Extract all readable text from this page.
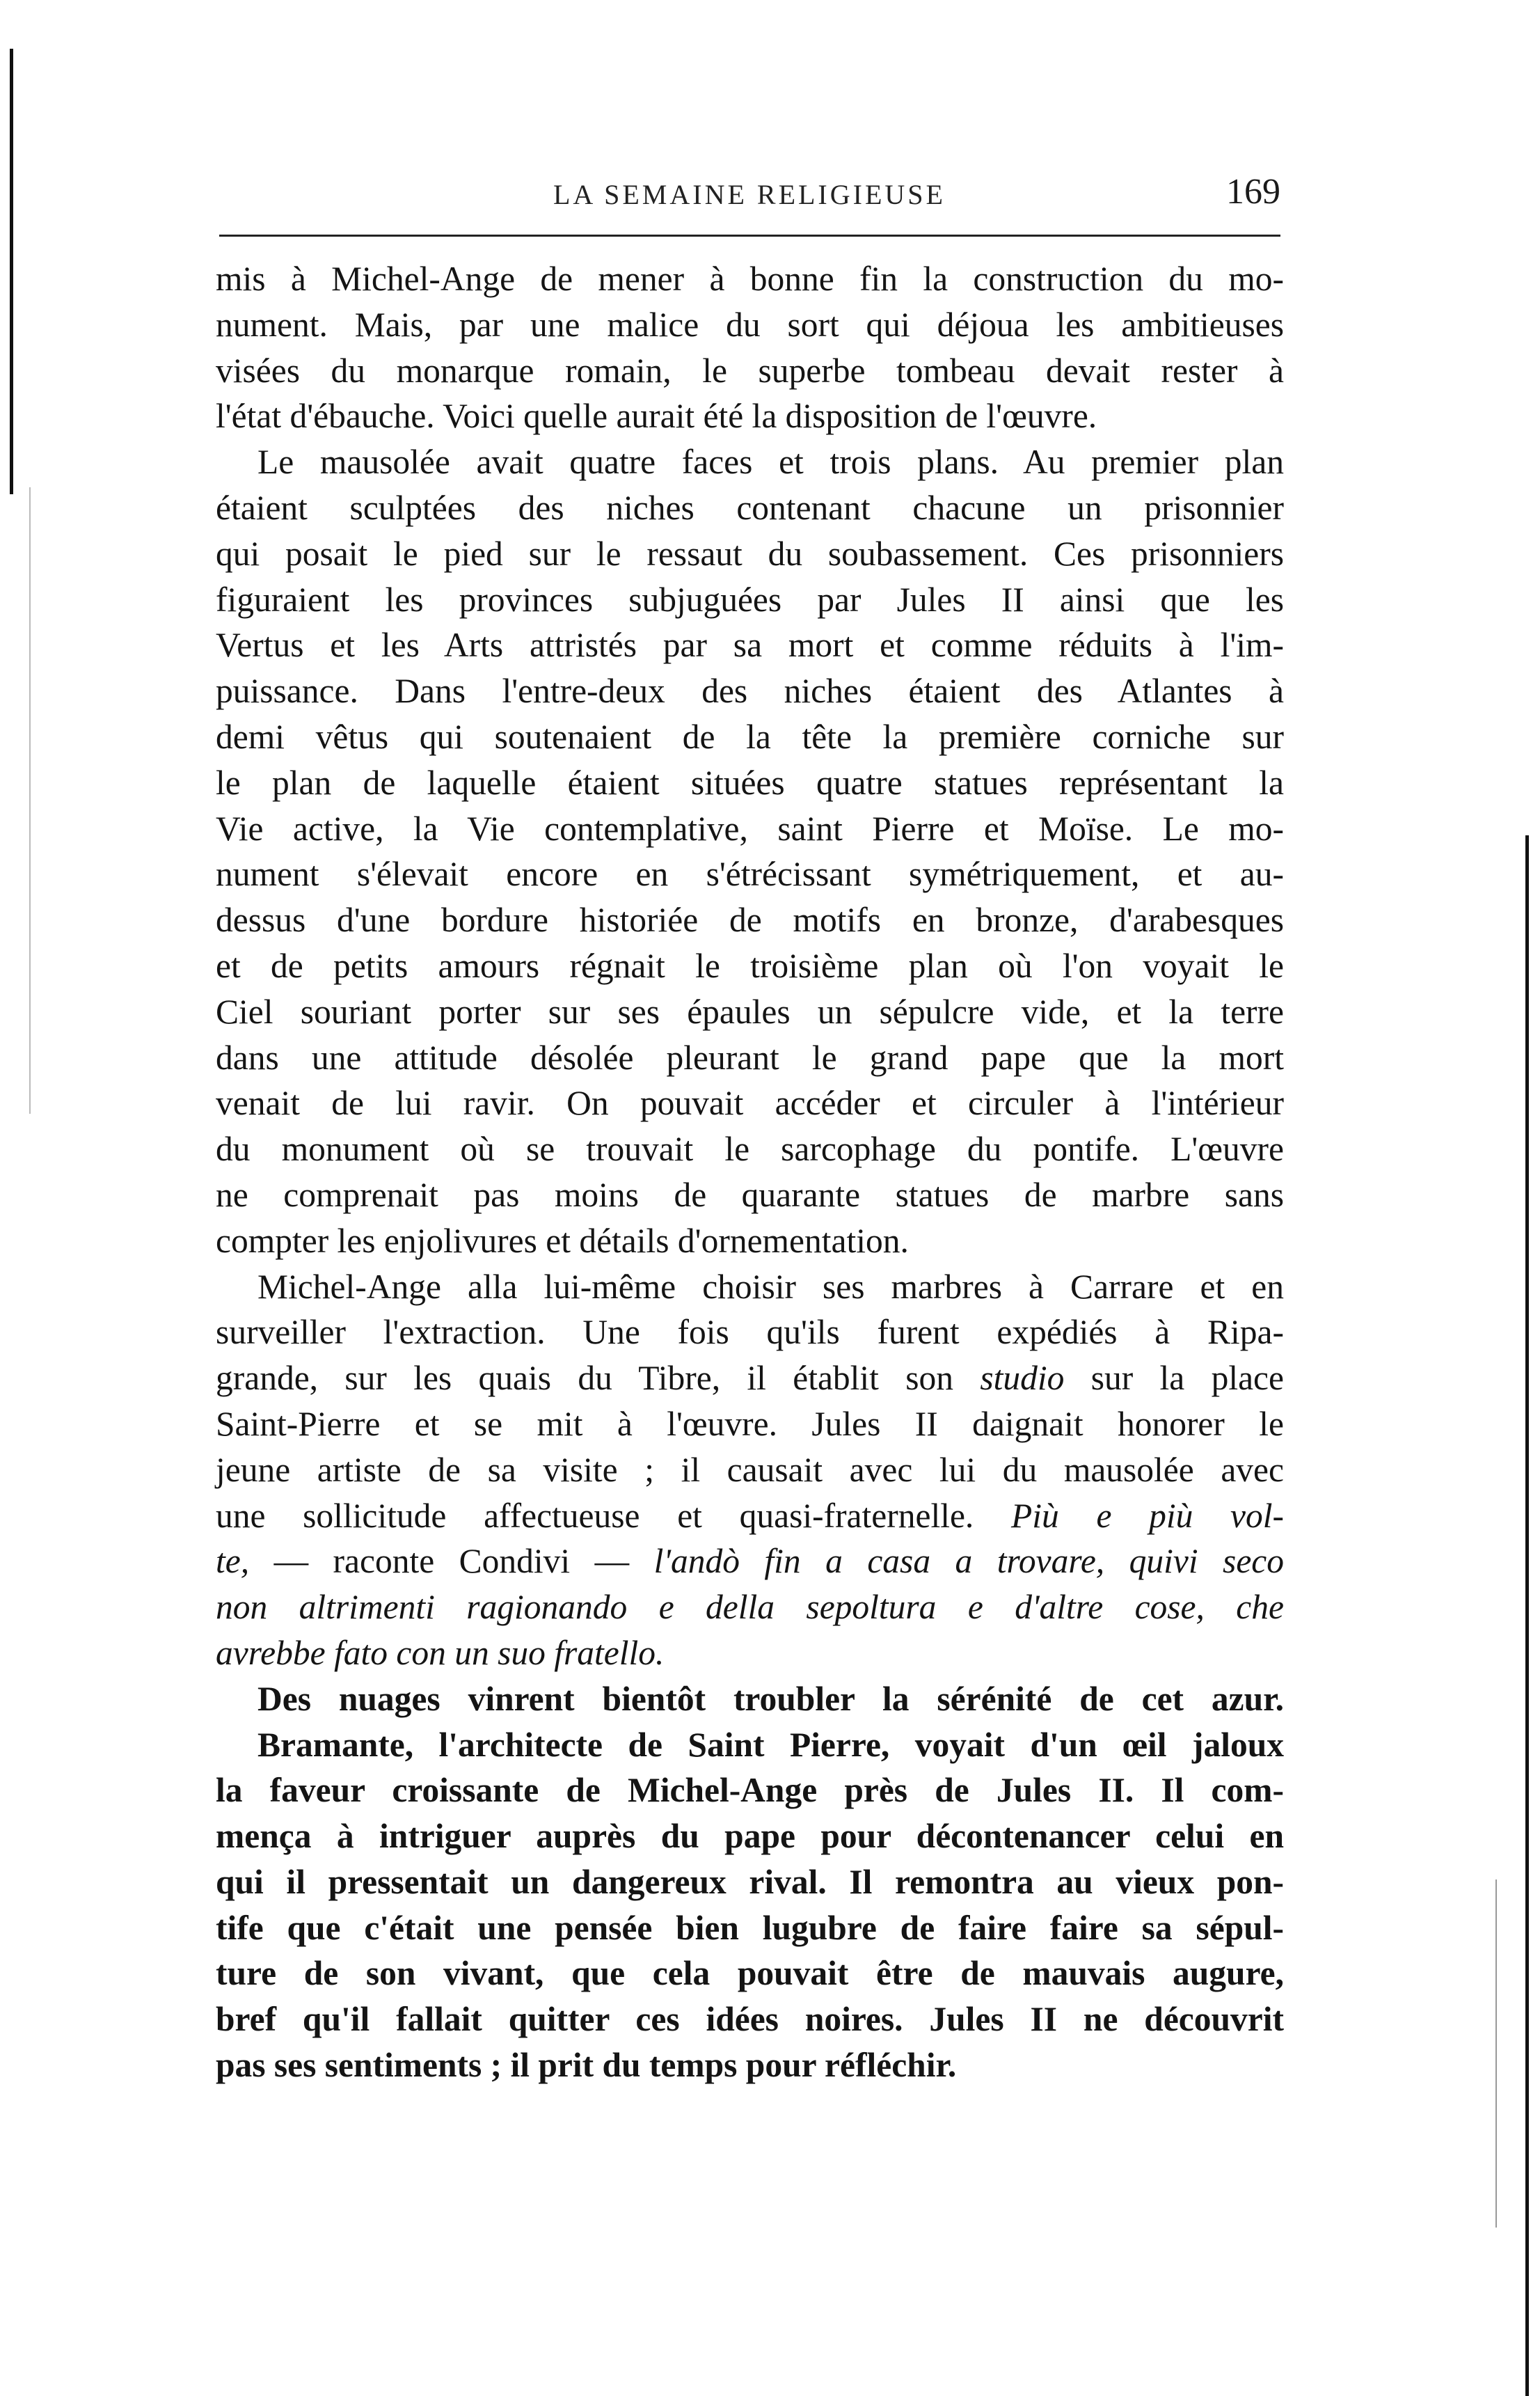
LA SEMAINE RELIGIEUSE	169
mis à Michel-Ange de mener à bonne fin la construction du mo-
nument. Mais, par une malice du sort qui déjoua les ambitieuses
visées du monarque romain, le superbe tombeau devait rester à
l'état d'ébauche. Voici quelle aurait été la disposition de l'œuvre.
Le mausolée avait quatre faces et trois plans. Au premier plan
étaient sculptées des niches contenant chacune un prisonnier
qui posait le pied sur le ressaut du soubassement. Ces prisonniers
figuraient les provinces subjuguées par Jules II ainsi que les
Vertus et les Arts attristés par sa mort et comme réduits à l'im-
puissance. Dans l'entre-deux des niches étaient des Atlantes à
demi vêtus qui soutenaient de la tête la première corniche sur
le plan de laquelle étaient situées quatre statues représentant la
Vie active, la Vie contemplative, saint Pierre et Moïse. Le mo-
nument s'élevait encore en s'étrécissant symétriquement, et au-
dessus d'une bordure historiée de motifs en bronze, d'arabesques
et de petits amours régnait le troisième plan où l'on voyait le
Ciel souriant porter sur ses épaules un sépulcre vide, et la terre
dans une attitude désolée pleurant le grand pape que la mort
venait de lui ravir. On pouvait accéder et circuler à l'intérieur
du monument où se trouvait le sarcophage du pontife. L'œuvre
ne comprenait pas moins de quarante statues de marbre sans
compter les enjolivures et détails d'ornementation.
Michel-Ange alla lui-même choisir ses marbres à Carrare et en
surveiller l'extraction. Une fois qu'ils furent expédiés à Ripa-
grande, sur les quais du Tibre, il établit son studio sur la place
Saint-Pierre et se mit à l'œuvre. Jules II daignait honorer le
jeune artiste de sa visite ; il causait avec lui du mausolée avec
une sollicitude affectueuse et quasi-fraternelle. Più e più vol-
te, — raconte Condivi — l'andò fin a casa a trovare, quivi seco
non altrimenti ragionando e della sepoltura e d'altre cose, che
avrebbe fato con un suo fratello.
Des nuages vinrent bientôt troubler la sérénité de cet azur.
Bramante, l'architecte de Saint Pierre, voyait d'un œil jaloux
la faveur croissante de Michel-Ange près de Jules II. Il com-
mença à intriguer auprès du pape pour décontenancer celui en
qui il pressentait un dangereux rival. Il remontra au vieux pon-
tife que c'était une pensée bien lugubre de faire faire sa sépul-
ture de son vivant, que cela pouvait être de mauvais augure,
bref qu'il fallait quitter ces idées noires. Jules II ne découvrit
pas ses sentiments ; il prit du temps pour réfléchir.
